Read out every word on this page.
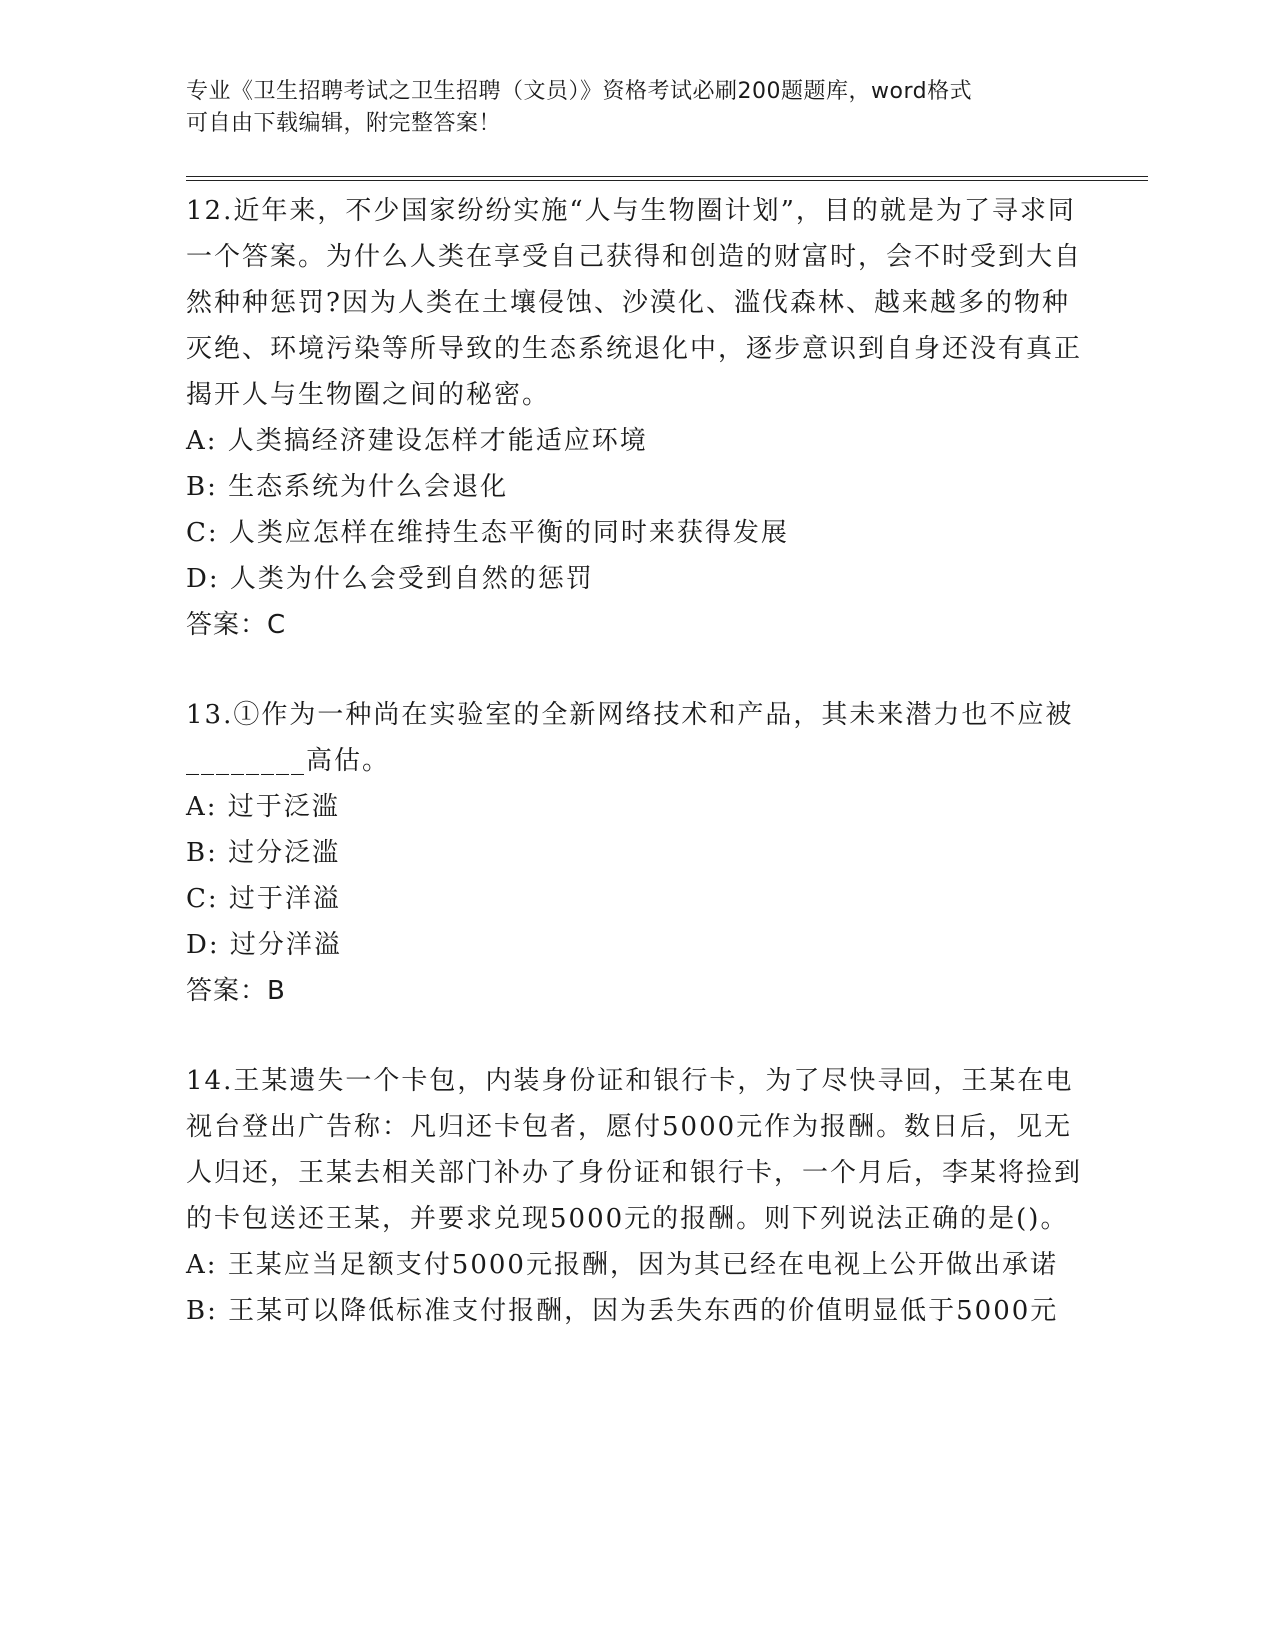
专业《卫生招聘考试之卫生招聘（文员）》资格考试必刷200题题库，word格式
可自由下载编辑，附完整答案！
12.近年来，不少国家纷纷实施“人与生物圈计划”，目的就是为了寻求同一个答案。为什么人类在享受自己获得和创造的财富时，会不时受到大自然种种惩罚?因为人类在土壤侵蚀、沙漠化、滥伐森林、越来越多的物种灭绝、环境污染等所导致的生态系统退化中，逐步意识到自身还没有真正揭开人与生物圈之间的秘密。
A: 人类搞经济建设怎样才能适应环境
B: 生态系统为什么会退化
C: 人类应怎样在维持生态平衡的同时来获得发展
D: 人类为什么会受到自然的惩罚
答案：C
13.①作为一种尚在实验室的全新网络技术和产品，其未来潜力也不应被________高估。
A: 过于泛滥
B: 过分泛滥
C: 过于洋溢
D: 过分洋溢
答案：B
14.王某遗失一个卡包，内装身份证和银行卡，为了尽快寻回，王某在电视台登出广告称：凡归还卡包者，愿付5000元作为报酬。数日后，见无人归还，王某去相关部门补办了身份证和银行卡，一个月后，李某将捡到的卡包送还王某，并要求兑现5000元的报酬。则下列说法正确的是()。
A: 王某应当足额支付5000元报酬，因为其已经在电视上公开做出承诺
B: 王某可以降低标准支付报酬，因为丢失东西的价值明显低于5000元
